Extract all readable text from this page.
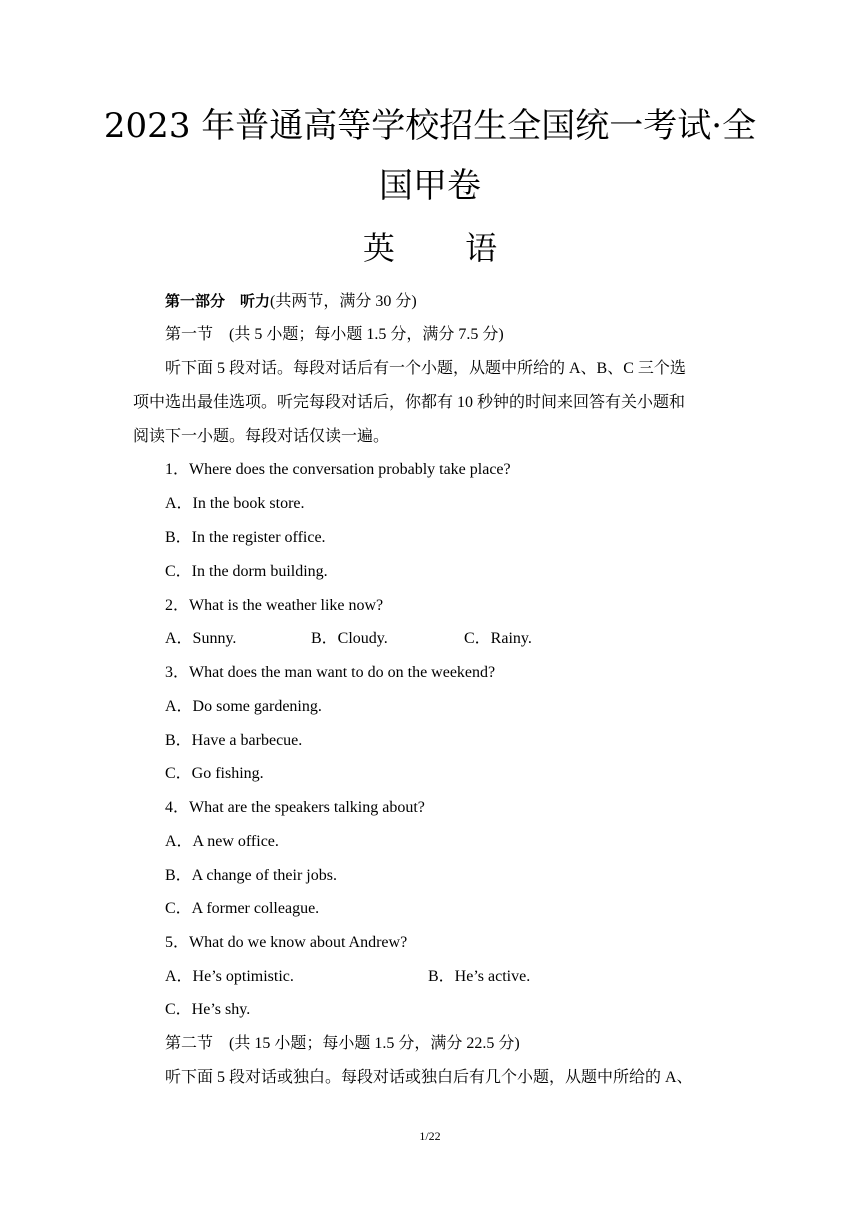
2023 年普通高等学校招生全国统一考试·全
国甲卷
英 语
第一部分　听力(共两节，满分 30 分)
第一节　(共 5 小题；每小题 1.5 分，满分 7.5 分)
听下面 5 段对话。每段对话后有一个小题，从题中所给的 A、B、C 三个选
项中选出最佳选项。听完每段对话后，你都有 10 秒钟的时间来回答有关小题和
阅读下一小题。每段对话仅读一遍。
1．Where does the conversation probably take place?
A．In the book store.
B．In the register office.
C．In the dorm building.
2．What is the weather like now?
A．Sunny.	B．Cloudy.	C．Rainy.
3．What does the man want to do on the weekend?
A．Do some gardening.
B．Have a barbecue.
C．Go fishing.
4．What are the speakers talking about?
A．A new office.
B．A change of their jobs.
C．A former colleague.
5．What do we know about Andrew?
A．He’s optimistic.	B．He’s active.
C．He’s shy.
第二节　(共 15 小题；每小题 1.5 分，满分 22.5 分)
听下面 5 段对话或独白。每段对话或独白后有几个小题，从题中所给的 A、
1/22
